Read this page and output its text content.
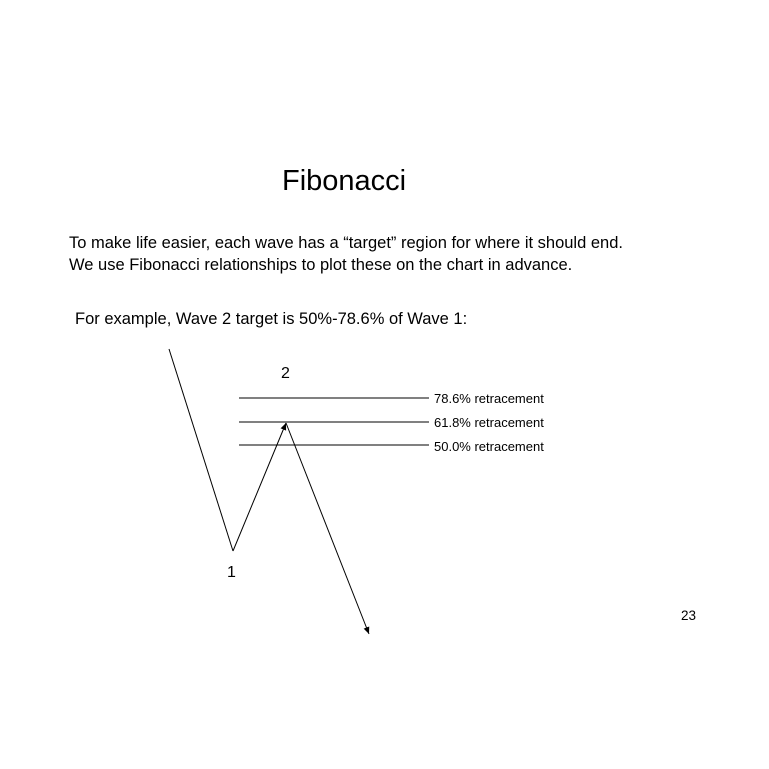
Fibonacci
To make life easier, each wave has a “target” region for where it should end.
We use Fibonacci relationships to plot these on the chart in advance.
For example, Wave 2 target is 50%-78.6% of Wave 1:
78.6% retracement
61.8% retracement
50.0% retracement
2
1
23
